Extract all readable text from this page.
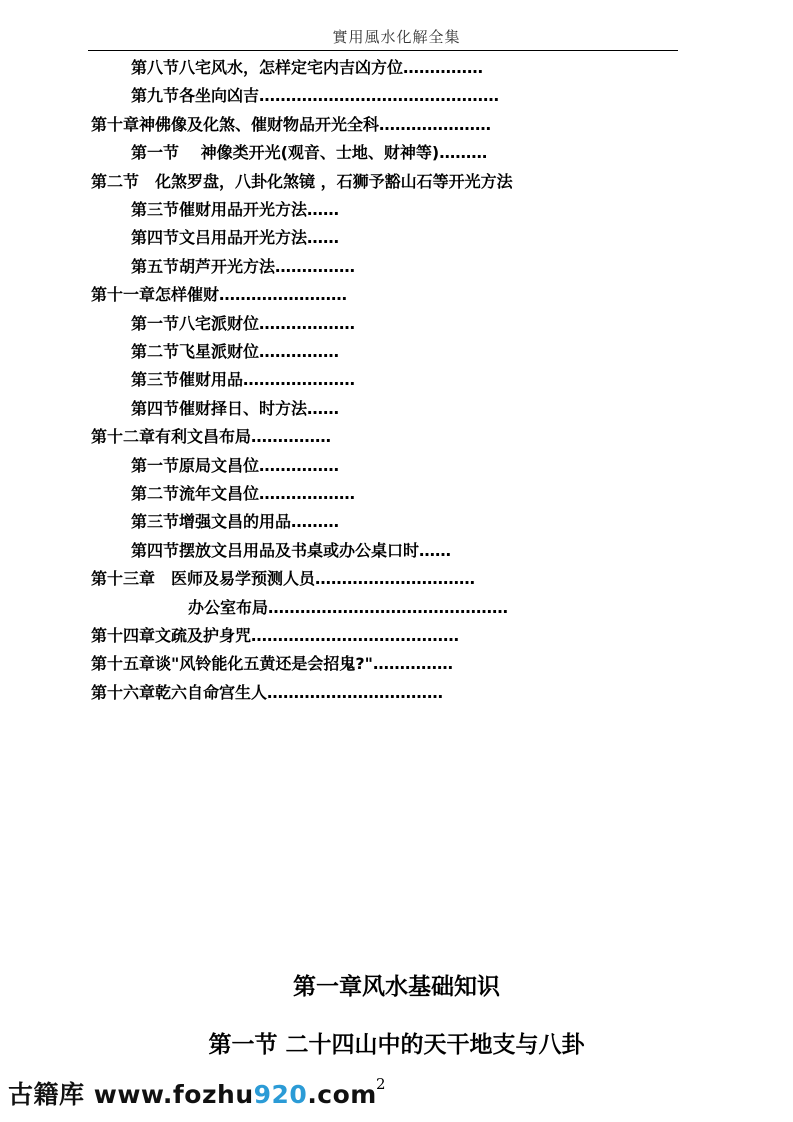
實用風水化解全集
第八节八宅风水，怎样定宅内吉凶方位……………
第九节各坐向凶吉………………………………………
第十章神佛像及化煞、催财物品开光全科…………………
第一节　 神像类开光(观音、士地、财神等)………
第二节　化煞罗盘，八卦化煞镜 ，石狮予豁山石等开光方法
第三节催财用品开光方法……
第四节文吕用品开光方法……
第五节胡芦开光方法……………
第十一章怎样催财……………………
第一节八宅派财位………………
第二节飞星派财位……………
第三节催财用品…………………
第四节催财择日、时方法……
第十二章有利文昌布局……………
第一节原局文昌位……………
第二节流年文昌位………………
第三节增强文昌的用品………
第四节摆放文吕用品及书桌或办公桌口时……
第十三章　医师及易学预测人员…………………………
办公室布局………………………………………
第十四章文疏及护身咒…………………………………
第十五章谈"风铃能化五黄还是会招鬼?"……………
第十六章乾六自命宫生人……………………………
第一章风水基础知识
第一节 二十四山中的天干地支与八卦
2
古籍库 www.fozhu920.com
